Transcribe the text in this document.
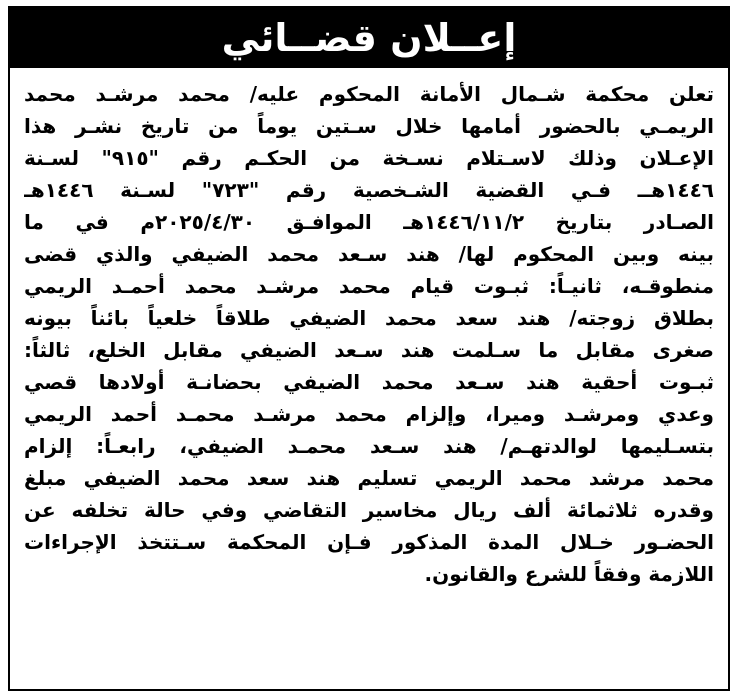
إعــلان قضــائي
تعلن محكمة شـمال الأمانة المحكوم عليه/ محمد مرشـد محمد
الريمـي بالحضور أمامها خلال سـتين يوماً من تاريخ نشـر هذا
الإعـلان وذلك لاسـتلام نسـخة من الحكـم رقم "٩١٥" لسـنة
١٤٤٦هــ فـي القضية الشـخصية رقم "٧٢٣" لسـنة ١٤٤٦هـ
الصـادر بتاريخ ١٤٤٦/١١/٢هـ الموافـق ٢٠٢٥/٤/٣٠م في ما
بينه وبين المحكوم لها/ هند سـعد محمد الضيفي والذي قضى
منطوقـه، ثانيـاً: ثبـوت قيام محمد مرشـد محمد أحمـد الريمي
بطلاق زوجته/ هند سعد محمد الضيفي طلاقاً خلعياً بائناً بيونه
صغرى مقابل ما سـلمت هند سـعد الضيفي مقابل الخلع، ثالثاً:
ثبـوت أحقية هند سـعد محمد الضيفي بحضانـة أولادها قصي
وعدي ومرشـد وميرا، وإلزام محمد مرشـد محمـد أحمد الريمي
بتسـليمها لوالدتهـم/ هند سـعد محمـد الضيفي، رابعـاً: إلزام
محمد مرشد محمد الريمي تسليم هند سعد محمد الضيفي مبلغ
وقدره ثلاثمائة ألف ريال مخاسير التقاضي وفي حالة تخلفه عن
الحضـور خـلال المدة المذكور فـإن المحكمة سـتتخذ الإجراءات
اللازمة وفقاً للشرع والقانون.
